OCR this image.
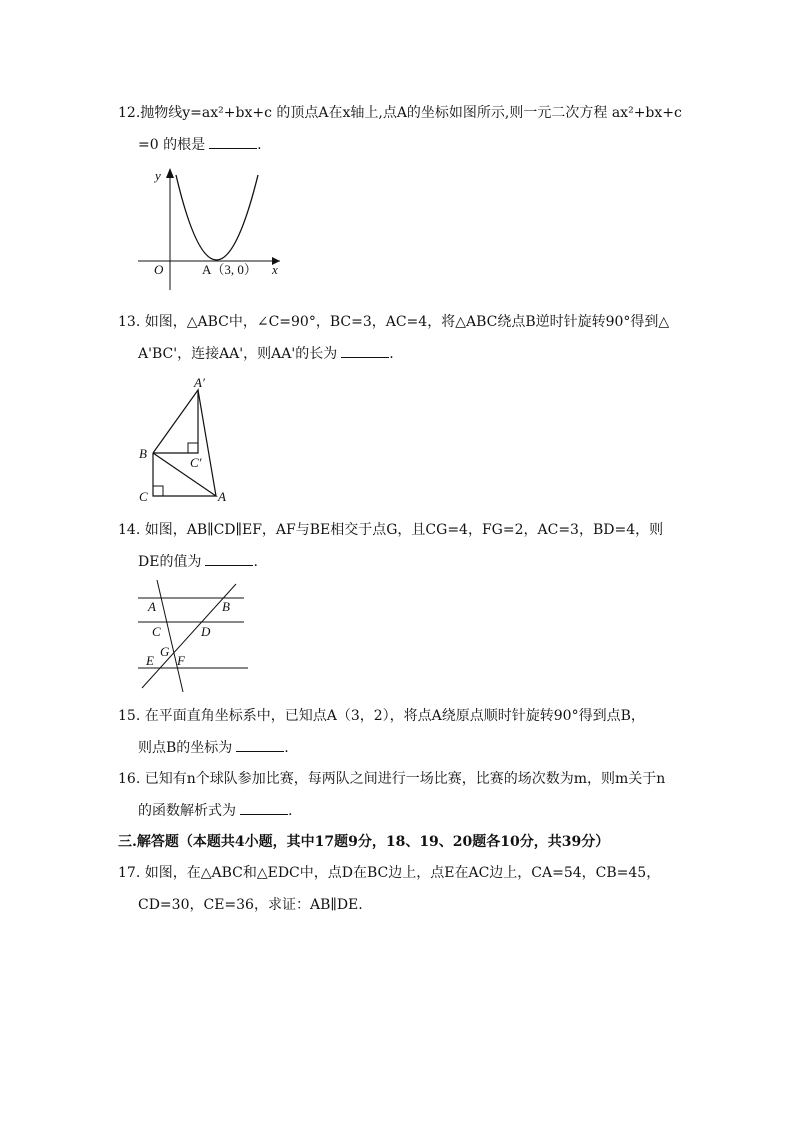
12.抛物线y=ax²+bx+c 的顶点A在x轴上,点A的坐标如图所示,则一元二次方程 ax²+bx+c
=0 的根是	.
y
x
O	A（3, 0）
13. 如图，△ABC中，∠C=90°，BC=3，AC=4，将△ABC绕点B逆时针旋转90°得到△
A'BC'，连接AA'，则AA'的长为	.
A′
B
C′
C	A
14. 如图，AB∥CD∥EF，AF与BE相交于点G，且CG=4，FG=2，AC=3，BD=4，则
DE的值为	.
A	B
C	D
G
E F
15. 在平面直角坐标系中，已知点A（3，2），将点A绕原点顺时针旋转90°得到点B，
则点B的坐标为	.
16. 已知有n个球队参加比赛，每两队之间进行一场比赛，比赛的场次数为m，则m关于n
的函数解析式为	.
三.解答题（本题共4小题，其中17题9分，18、19、20题各10分，共39分）
17. 如图，在△ABC和△EDC中，点D在BC边上，点E在AC边上，CA=54，CB=45，
CD=30，CE=36，求证：AB∥DE.
